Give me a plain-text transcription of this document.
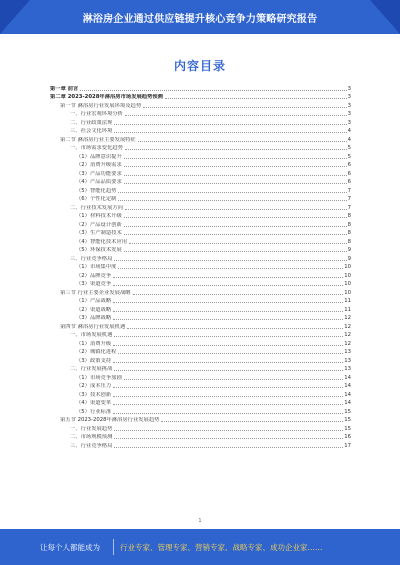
淋浴房企业通过供应链提升核心竞争力策略研究报告
内容目录
第一章 前言	3
第二章 2023-2028年淋浴房市场发展趋势预测	3
第一节 淋浴房行业发展环境及趋势	3
一、行业宏观环境分析	3
二、行业政策法规	3
三、社会文化环境	4
第二节 淋浴房行业主要发展特征	4
一、市场需求变化趋势	5
（1）品牌意识提升	5
（2）消费升级需求	6
（3）产品功能要求	6
（4）产品品质要求	6
（5）智能化趋势	7
（6）个性化定制	7
二、行业技术发展方向	7
（1）材料技术升级	8
（2）产品设计创新	8
（3）生产制造技术	8
（4）智能化技术应用	8
（5）环保技术发展	9
三、行业竞争格局	9
（1）市场集中度	10
（2）品牌竞争	10
（3）渠道竞争	10
第三节 行业主要企业发展战略	10
（1）产品战略	11
（2）渠道战略	11
（3）品牌战略	12
第四节 淋浴房行业发展机遇	12
一、市场发展机遇	12
（1）消费升级	12
（2）城镇化进程	13
（3）政策支持	13
二、行业发展挑战	13
（1）市场竞争加剧	14
（2）成本压力	14
（3）技术创新	14
（4）渠道变革	14
（5）行业标准	15
第五节 2023-2028年淋浴房行业发展趋势	15
一、行业发展趋势	15
二、市场规模预测	16
三、行业竞争格局	17
1
让每个人都能成为	行业专家、管理专家、营销专家、战略专家、成功企业家……
